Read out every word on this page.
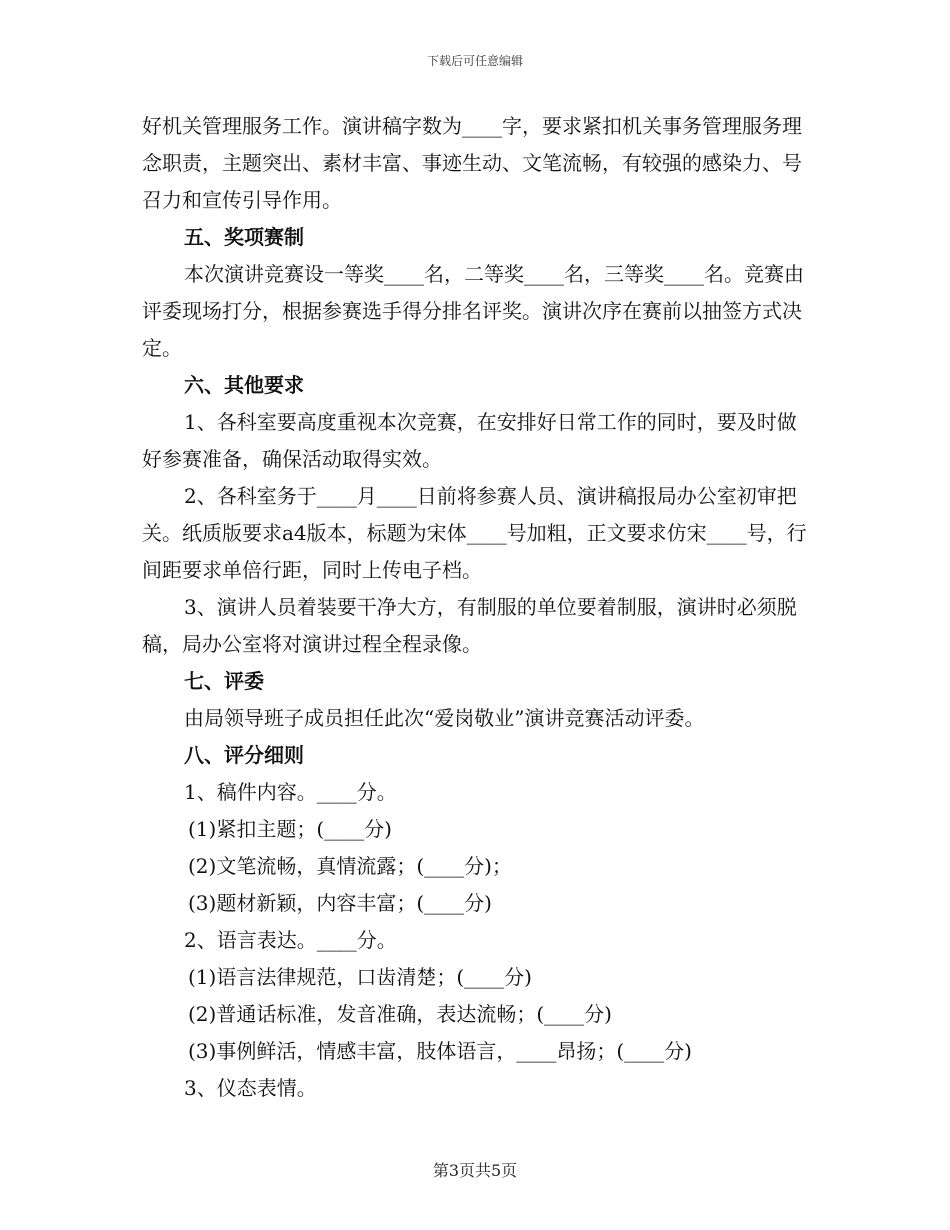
下载后可任意编辑

好机关管理服务工作。演讲稿字数为____字，要求紧扣机关事务管理服务理念职责，主题突出、素材丰富、事迹生动、文笔流畅，有较强的感染力、号召力和宣传引导作用。

五、奖项赛制

本次演讲竞赛设一等奖____名，二等奖____名，三等奖____名。竞赛由评委现场打分，根据参赛选手得分排名评奖。演讲次序在赛前以抽签方式决定。

六、其他要求

1、各科室要高度重视本次竞赛，在安排好日常工作的同时，要及时做好参赛准备，确保活动取得实效。

2、各科室务于____月____日前将参赛人员、演讲稿报局办公室初审把关。纸质版要求a4版本，标题为宋体____号加粗，正文要求仿宋____号，行间距要求单倍行距，同时上传电子档。

3、演讲人员着装要干净大方，有制服的单位要着制服，演讲时必须脱稿，局办公室将对演讲过程全程录像。

七、评委

由局领导班子成员担任此次“爱岗敬业”演讲竞赛活动评委。

八、评分细则

1、稿件内容。____分。

(1)紧扣主题；(____分)

(2)文笔流畅，真情流露；(____分)；

(3)题材新颖，内容丰富；(____分)

2、语言表达。____分。

(1)语言法律规范，口齿清楚；(____分)

(2)普通话标准，发音准确，表达流畅；(____分)

(3)事例鲜活，情感丰富，肢体语言，____昂扬；(____分)

3、仪态表情。

第3页共5页
